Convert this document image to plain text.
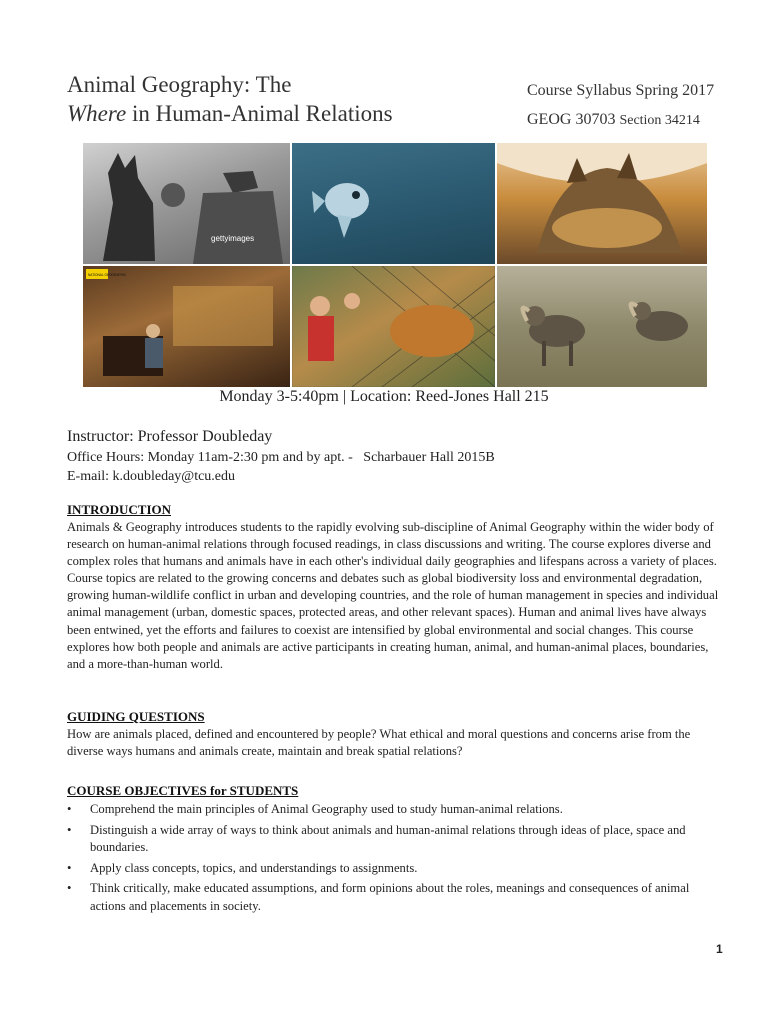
Animal Geography: The
Where in Human-Animal Relations
Course Syllabus Spring 2017
GEOG 30703 Section 34214
gettyimages
NATIONAL GEOGRAPHIC
Monday 3-5:40pm | Location: Reed-Jones Hall 215
Instructor: Professor Doubleday
Office Hours: Monday 11am-2:30 pm and by apt. -   Scharbauer Hall 2015B
E-mail: k.doubleday@tcu.edu
INTRODUCTION
Animals & Geography introduces students to the rapidly evolving sub-discipline of Animal Geography within the wider body of research on human-animal relations through focused readings, in class discussions and writing. The course explores diverse and complex roles that humans and animals have in each other's individual daily geographies and lifespans across a variety of places. Course topics are related to the growing concerns and debates such as global biodiversity loss and environmental degradation, growing human-wildlife conflict in urban and developing countries, and the role of human management in species and individual animal management (urban, domestic spaces, protected areas, and other relevant spaces). Human and animal lives have always been entwined, yet the efforts and failures to coexist are intensified by global environmental and social changes. This course explores how both people and animals are active participants in creating human, animal, and human-animal places, boundaries, and a more-than-human world.
GUIDING QUESTIONS
How are animals placed, defined and encountered by people? What ethical and moral questions and concerns arise from the diverse ways humans and animals create, maintain and break spatial relations?
COURSE OBJECTIVES for STUDENTS
• Comprehend the main principles of Animal Geography used to study human-animal relations.
• Distinguish a wide array of ways to think about animals and human-animal relations through ideas of place, space and boundaries.
• Apply class concepts, topics, and understandings to assignments.
• Think critically, make educated assumptions, and form opinions about the roles, meanings and consequences of animal actions and placements in society.
1
